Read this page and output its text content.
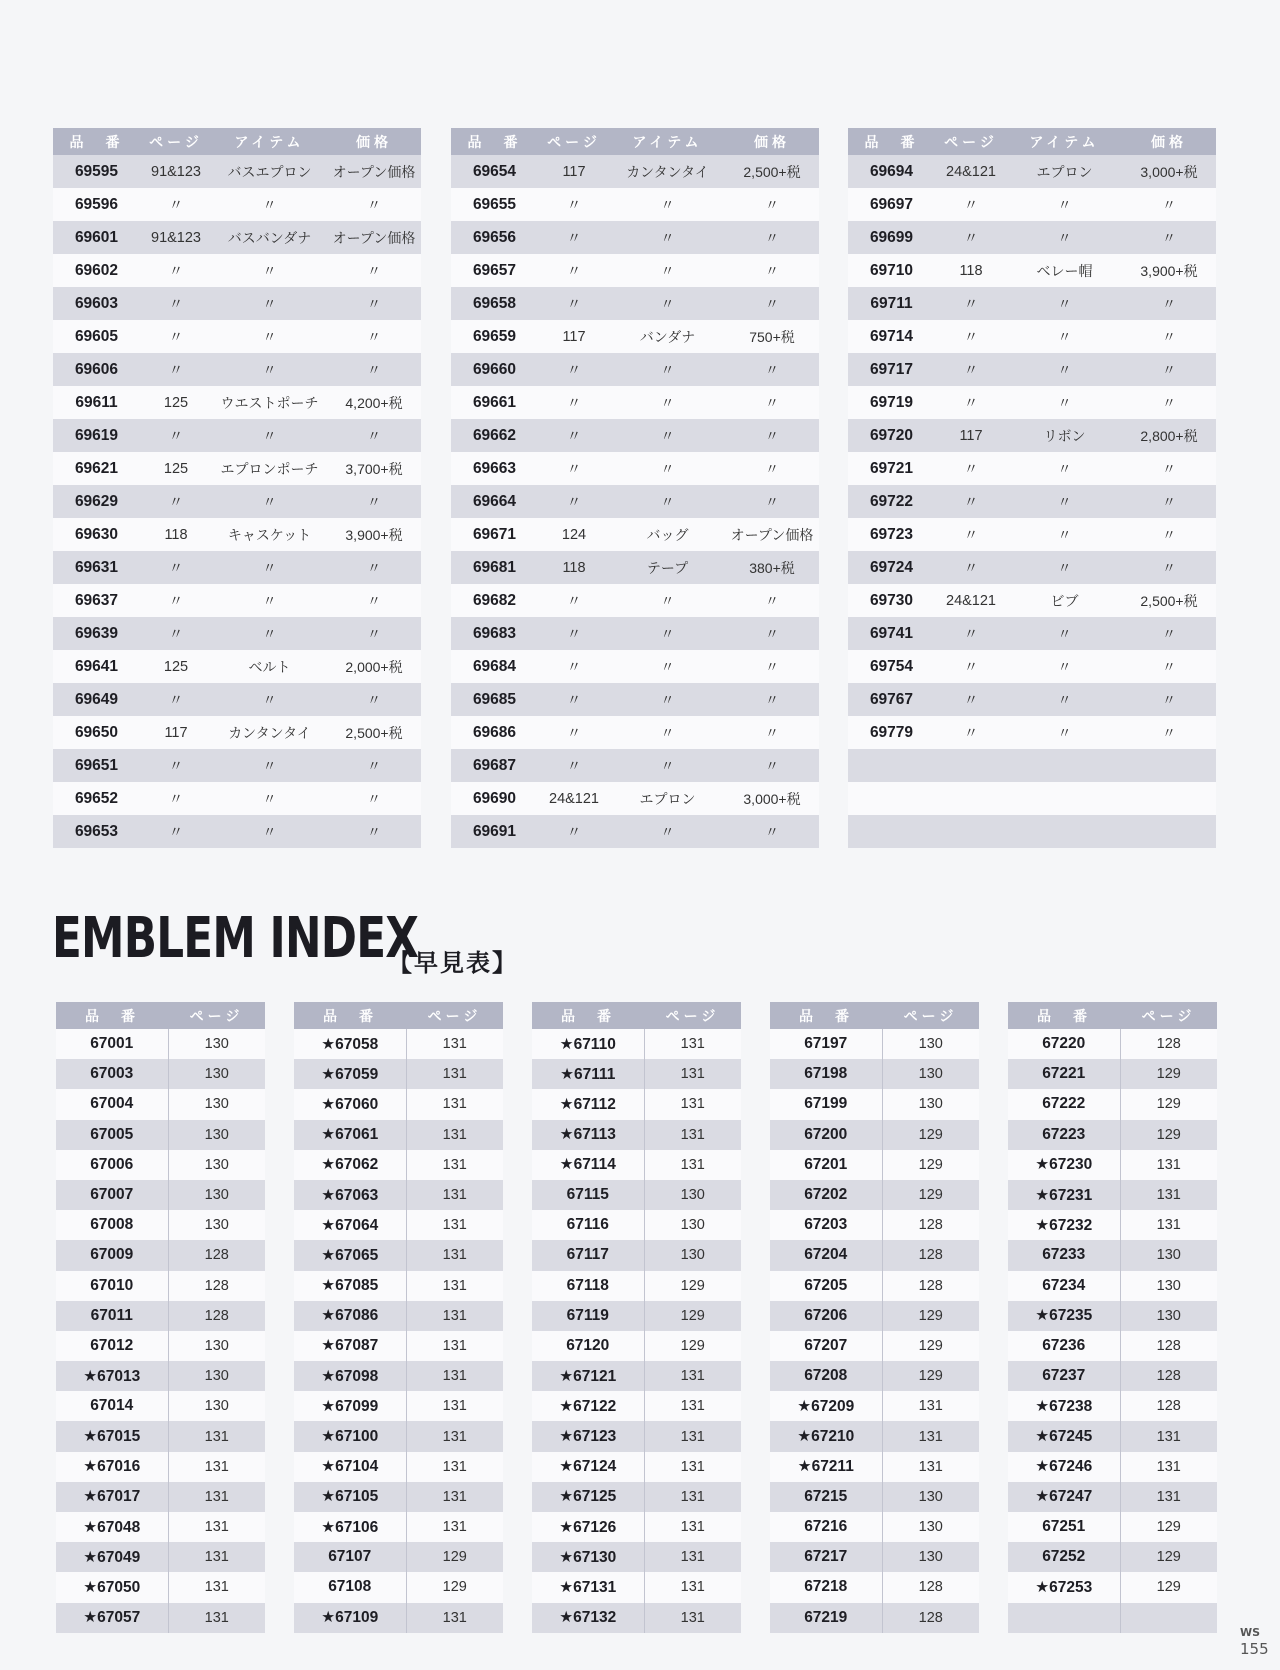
品　番	ページ	アイテム	価格
69595	91&123	バスエプロン	オープン価格
69596	〃	〃	〃
69601	91&123	バスバンダナ	オープン価格
69602	〃	〃	〃
69603	〃	〃	〃
69605	〃	〃	〃
69606	〃	〃	〃
69611	125	ウエストポーチ	4,200+税
69619	〃	〃	〃
69621	125	エプロンポーチ	3,700+税
69629	〃	〃	〃
69630	118	キャスケット	3,900+税
69631	〃	〃	〃
69637	〃	〃	〃
69639	〃	〃	〃
69641	125	ベルト	2,000+税
69649	〃	〃	〃
69650	117	カンタンタイ	2,500+税
69651	〃	〃	〃
69652	〃	〃	〃
69653	〃	〃	〃
品　番	ページ	アイテム	価格
69654	117	カンタンタイ	2,500+税
69655	〃	〃	〃
69656	〃	〃	〃
69657	〃	〃	〃
69658	〃	〃	〃
69659	117	バンダナ	750+税
69660	〃	〃	〃
69661	〃	〃	〃
69662	〃	〃	〃
69663	〃	〃	〃
69664	〃	〃	〃
69671	124	バッグ	オープン価格
69681	118	テープ	380+税
69682	〃	〃	〃
69683	〃	〃	〃
69684	〃	〃	〃
69685	〃	〃	〃
69686	〃	〃	〃
69687	〃	〃	〃
69690	24&121	エプロン	3,000+税
69691	〃	〃	〃
品　番	ページ	アイテム	価格
69694	24&121	エプロン	3,000+税
69697	〃	〃	〃
69699	〃	〃	〃
69710	118	ベレー帽	3,900+税
69711	〃	〃	〃
69714	〃	〃	〃
69717	〃	〃	〃
69719	〃	〃	〃
69720	117	リボン	2,800+税
69721	〃	〃	〃
69722	〃	〃	〃
69723	〃	〃	〃
69724	〃	〃	〃
69730	24&121	ビブ	2,500+税
69741	〃	〃	〃
69754	〃	〃	〃
69767	〃	〃	〃
69779	〃	〃	〃

EMBLEM INDEX
【早見表】
品　番	ページ
67001	130
67003	130
67004	130
67005	130
67006	130
67007	130
67008	130
67009	128
67010	128
67011	128
67012	130
★67013	130
67014	130
★67015	131
★67016	131
★67017	131
★67048	131
★67049	131
★67050	131
★67057	131
品　番	ページ
★67058	131
★67059	131
★67060	131
★67061	131
★67062	131
★67063	131
★67064	131
★67065	131
★67085	131
★67086	131
★67087	131
★67098	131
★67099	131
★67100	131
★67104	131
★67105	131
★67106	131
67107	129
67108	129
★67109	131
品　番	ページ
★67110	131
★67111	131
★67112	131
★67113	131
★67114	131
67115	130
67116	130
67117	130
67118	129
67119	129
67120	129
★67121	131
★67122	131
★67123	131
★67124	131
★67125	131
★67126	131
★67130	131
★67131	131
★67132	131
品　番	ページ
67197	130
67198	130
67199	130
67200	129
67201	129
67202	129
67203	128
67204	128
67205	128
67206	129
67207	129
67208	129
★67209	131
★67210	131
★67211	131
67215	130
67216	130
67217	130
67218	128
67219	128
品　番	ページ
67220	128
67221	129
67222	129
67223	129
★67230	131
★67231	131
★67232	131
67233	130
67234	130
★67235	130
67236	128
67237	128
★67238	128
★67245	131
★67246	131
★67247	131
67251	129
67252	129
★67253	129

WS
155
